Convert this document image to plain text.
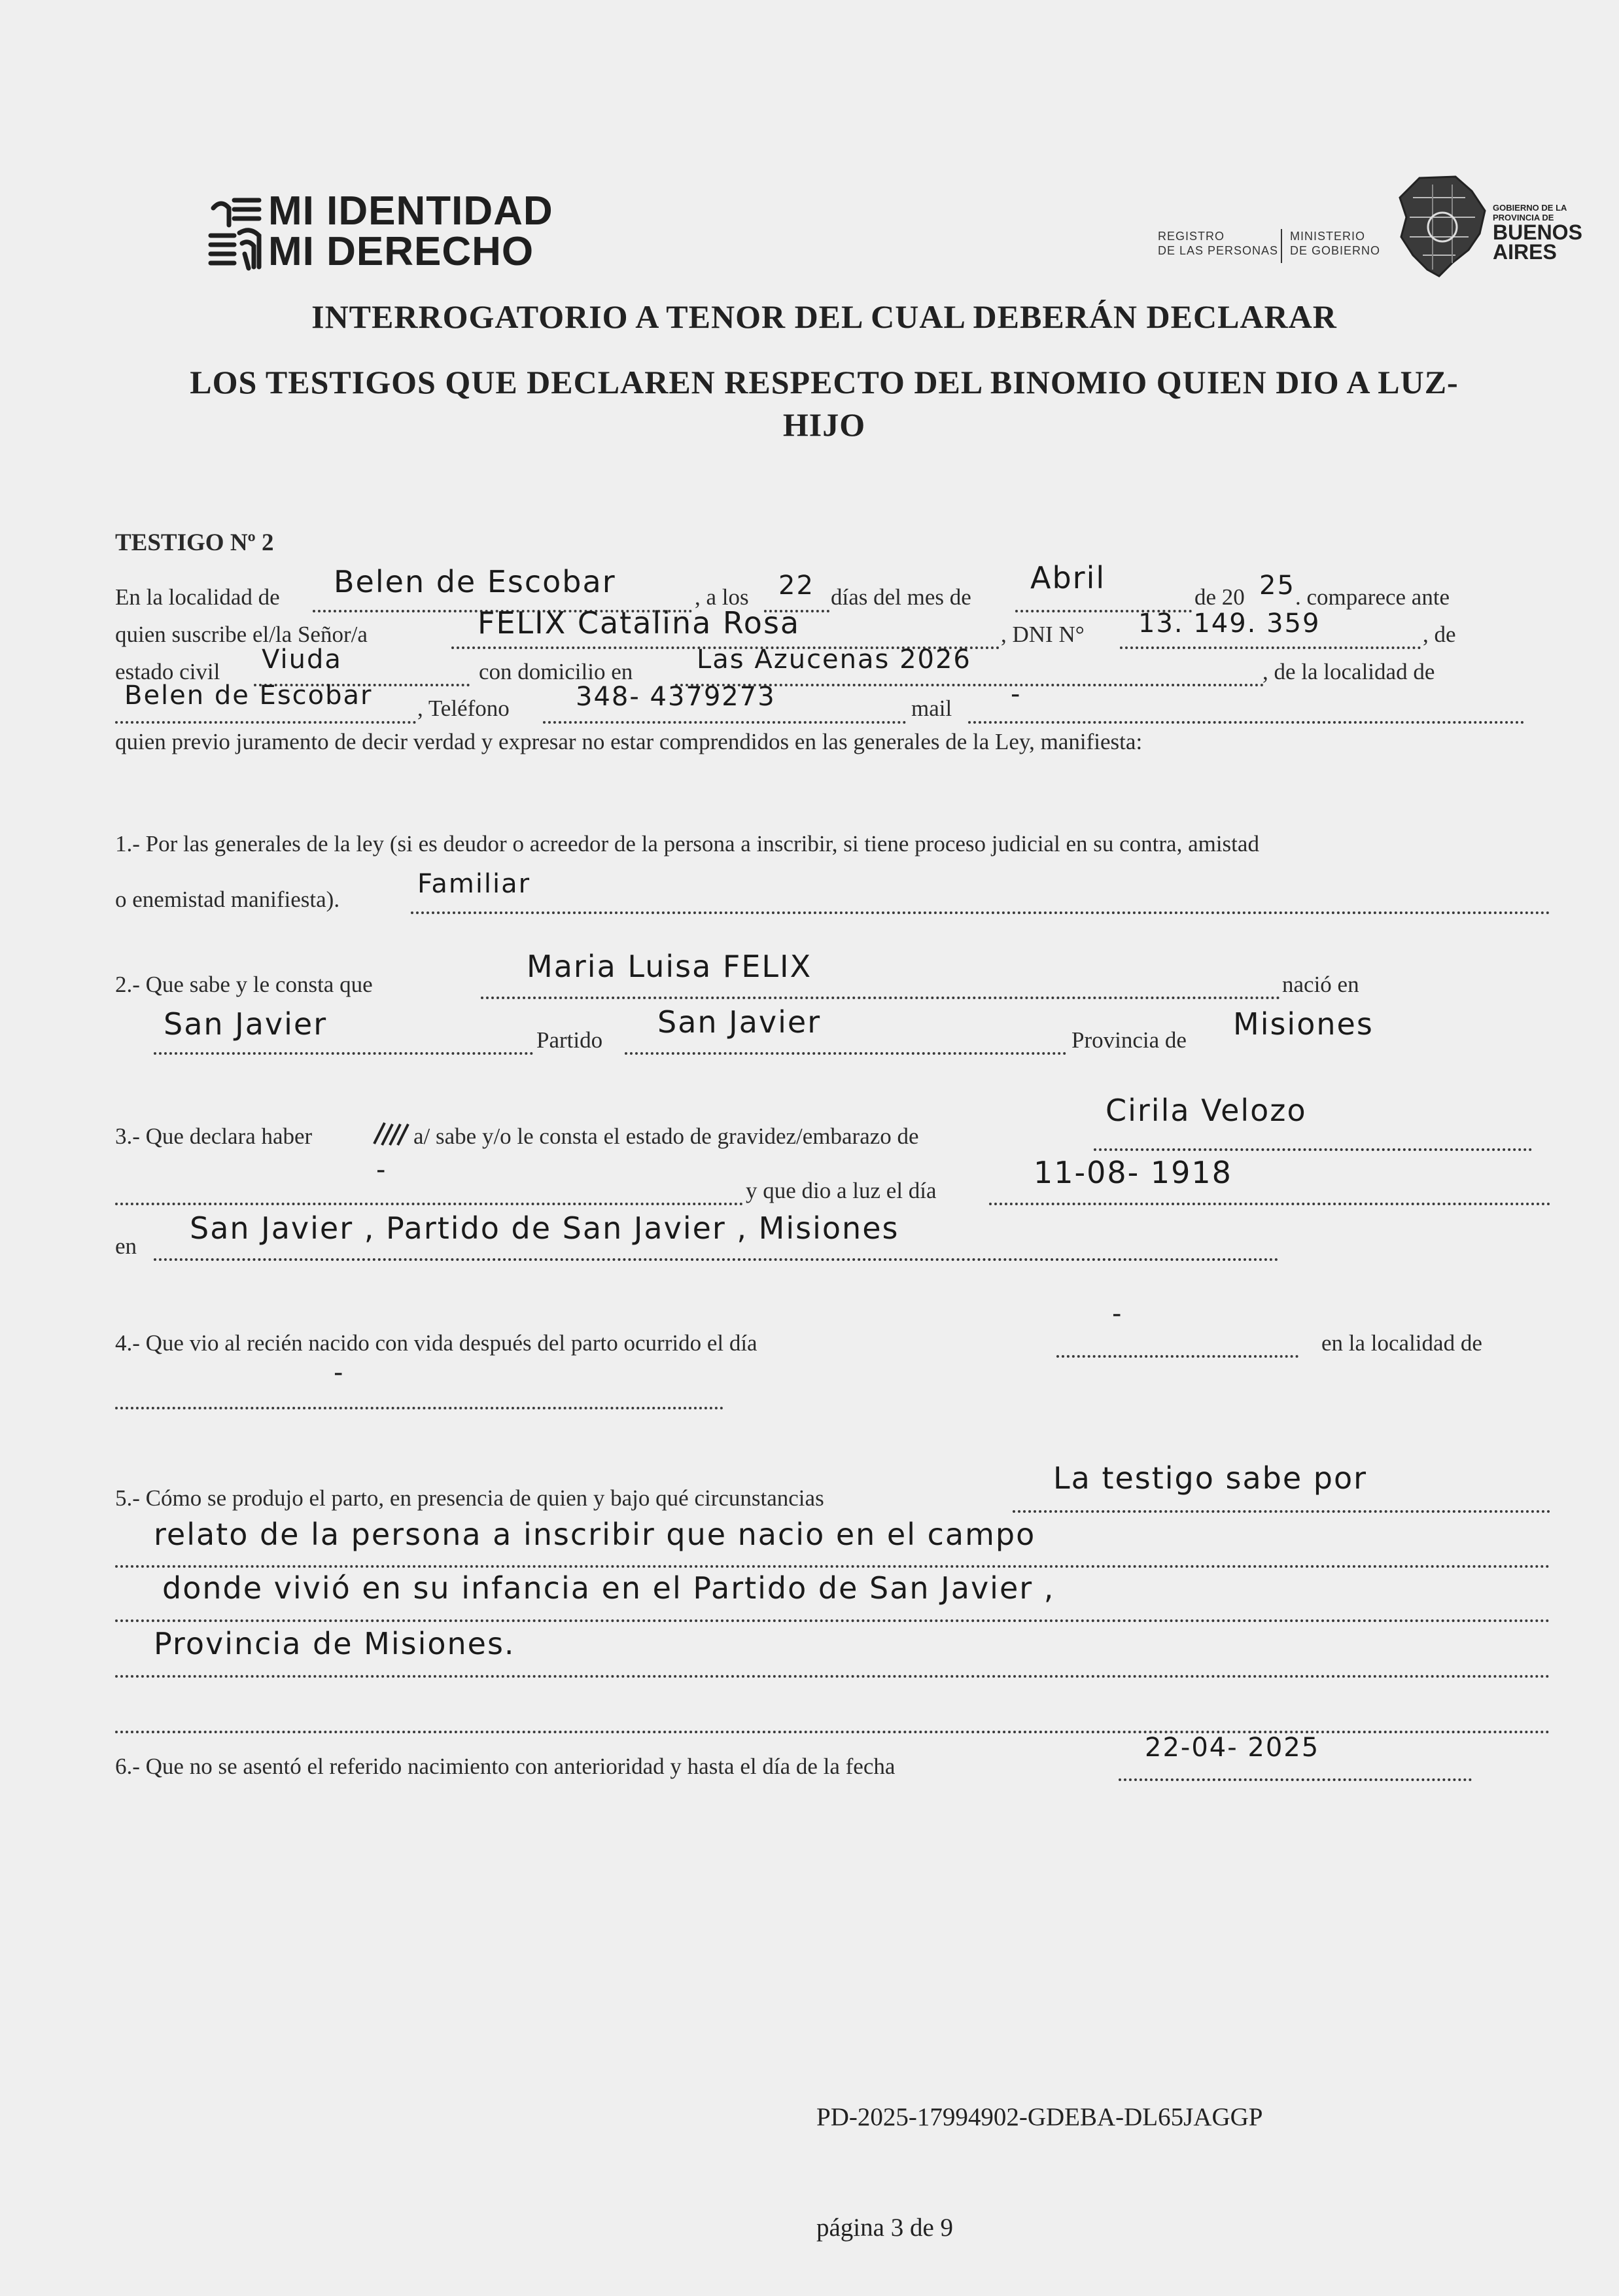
MI IDENTIDAD
MI DERECHO	REGISTRO
DE LAS PERSONAS
MINISTERIO
DE GOBIERNO
GOBIERNO DE LA
PROVINCIA DE
BUENOS
AIRES
INTERROGATORIO A TENOR DEL CUAL DEBERÁN DECLARAR
LOS TESTIGOS QUE DECLAREN RESPECTO DEL BINOMIO QUIEN DIO A LUZ-
HIJO
TESTIGO Nº 2
En la localidad de Belen de Escobar	, a los 22 días del mes de
Abril
de 20 25 . comparece ante
quien suscribe el/la Señor/a	FELIX Catalina Rosa	, DNI N° 13. 149. 359	, de
estado civil Viuda	con domicilio en Las Azucenas 2026	, de la localidad de
Belen de Escobar , Teléfono	348- 4379273	mail -
quien previo juramento de decir verdad y expresar no estar comprendidos en las generales de la Ley, manifiesta:
1.- Por las generales de la ley (si es deudor o acreedor de la persona a inscribir, si tiene proceso judicial en su contra, amistad
o enemistad manifiesta).
Familiar
2.- Que sabe y le consta que
Maria Luisa FELIX
nació en
San Javier	Partido
San Javier
Provincia de Misiones
3.- Que declara haber	a/ sabe y/o le consta el estado de gravidez/embarazo de
Cirila Velozo
-
y que dio a luz el día
11-08- 1918
en
San Javier , Partido de San Javier , Misiones
4.- Que vio al recién nacido con vida después del parto ocurrido el día
-
en la localidad de
-
5.- Cómo se produjo el parto, en presencia de quien y bajo qué circunstancias
La testigo sabe por
relato de la persona a inscribir que nacio en el campo
donde vivió en su infancia en el Partido de San Javier ,
Provincia de Misiones.
6.- Que no se asentó el referido nacimiento con anterioridad y hasta el día de la fecha
22-04- 2025
PD-2025-17994902-GDEBA-DL65JAGGP
página 3 de 9
